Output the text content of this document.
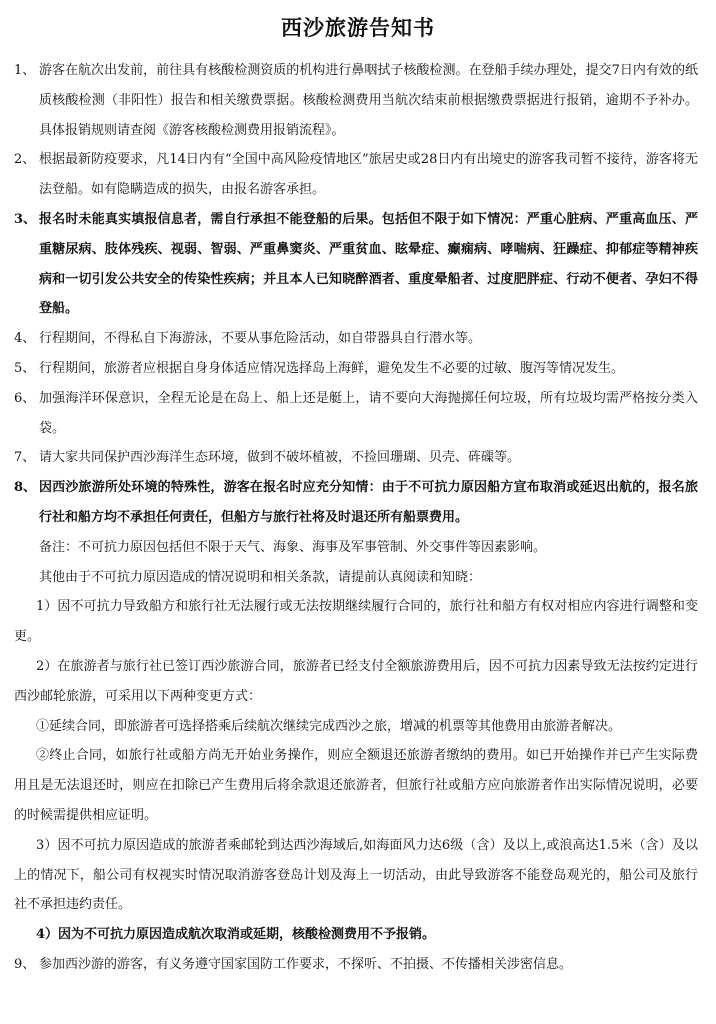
西沙旅游告知书
1、 游客在航次出发前，前往具有核酸检测资质的机构进行鼻咽拭子核酸检测。在登船手续办理处，提交7日内有效的纸质核酸检测（非阳性）报告和相关缴费票据。核酸检测费用当航次结束前根据缴费票据进行报销，逾期不予补办。具体报销规则请查阅《游客核酸检测费用报销流程》。
2、 根据最新防疫要求，凡14日内有“全国中高风险疫情地区”旅居史或28日内有出境史的游客我司暂不接待，游客将无法登船。如有隐瞒造成的损失，由报名游客承担。
3、 报名时未能真实填报信息者，需自行承担不能登船的后果。包括但不限于如下情况：严重心脏病、严重高血压、严重糖尿病、肢体残疾、视弱、智弱、严重鼻窦炎、严重贫血、眩晕症、癫痫病、哮喘病、狂躁症、抑郁症等精神疾病和一切引发公共安全的传染性疾病；并且本人已知晓醉酒者、重度晕船者、过度肥胖症、行动不便者、孕妇不得登船。
4、 行程期间，不得私自下海游泳，不要从事危险活动，如自带器具自行潜水等。
5、 行程期间，旅游者应根据自身身体适应情况选择岛上海鲜，避免发生不必要的过敏、腹泻等情况发生。
6、 加强海洋环保意识，全程无论是在岛上、船上还是艇上，请不要向大海抛掷任何垃圾，所有垃圾均需严格按分类入袋。
7、 请大家共同保护西沙海洋生态环境，做到不破坏植被，不捡回珊瑚、贝壳、砗磲等。
8、 因西沙旅游所处环境的特殊性，游客在报名时应充分知情：由于不可抗力原因船方宣布取消或延迟出航的，报名旅行社和船方均不承担任何责任，但船方与旅行社将及时退还所有船票费用。
备注：不可抗力原因包括但不限于天气、海象、海事及军事管制、外交事件等因素影响。
其他由于不可抗力原因造成的情况说明和相关条款，请提前认真阅读和知晓：
1）因不可抗力导致船方和旅行社无法履行或无法按期继续履行合同的，旅行社和船方有权对相应内容进行调整和变更。
2）在旅游者与旅行社已签订西沙旅游合同，旅游者已经支付全额旅游费用后，因不可抗力因素导致无法按约定进行西沙邮轮旅游，可采用以下两种变更方式：
①延续合同，即旅游者可选择搭乘后续航次继续完成西沙之旅，增减的机票等其他费用由旅游者解决。
②终止合同，如旅行社或船方尚无开始业务操作，则应全额退还旅游者缴纳的费用。如已开始操作并已产生实际费用且是无法退还时，则应在扣除已产生费用后将余款退还旅游者，但旅行社或船方应向旅游者作出实际情况说明，必要的时候需提供相应证明。
3）因不可抗力原因造成的旅游者乘邮轮到达西沙海域后,如海面风力达6级（含）及以上,或浪高达1.5米（含）及以上的情况下，船公司有权视实时情况取消游客登岛计划及海上一切活动，由此导致游客不能登岛观光的，船公司及旅行社不承担违约责任。
4）因为不可抗力原因造成航次取消或延期，核酸检测费用不予报销。
9、 参加西沙游的游客，有义务遵守国家国防工作要求，不探听、不拍摄、不传播相关涉密信息。
